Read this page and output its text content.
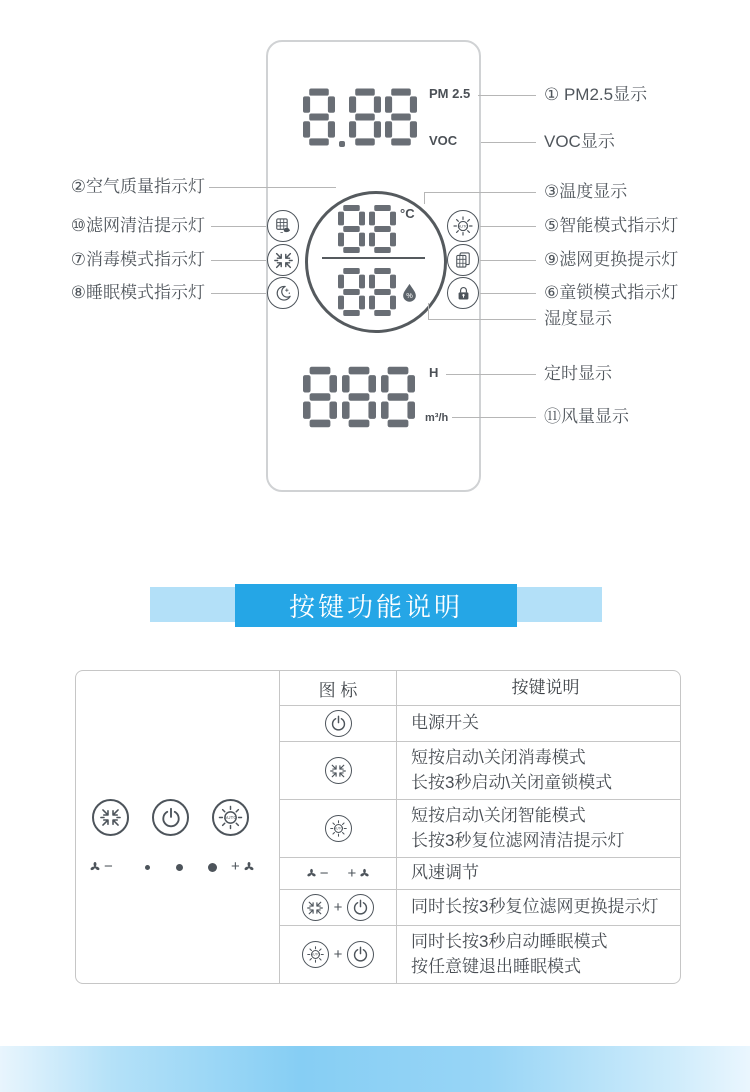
PM 2.5
VOC
°C
H
m³/h
②空气质量指示灯
⑩滤网清洁提示灯
⑦消毒模式指示灯
⑧睡眠模式指示灯
① PM2.5显示
VOC显示
③温度显示
⑤智能模式指示灯
⑨滤网更换提示灯
⑥童锁模式指示灯
湿度显示
定时显示
⑪风量显示
按键功能说明
−	+
图 标	按键说明
电源开关
短按启动\关闭消毒模式
长按3秒启动\关闭童锁模式
短按启动\关闭智能模式
长按3秒复位滤网清洁提示灯
− +	风速调节
+	同时长按3秒复位滤网更换提示灯
+
同时长按3秒启动睡眠模式
按任意键退出睡眠模式
